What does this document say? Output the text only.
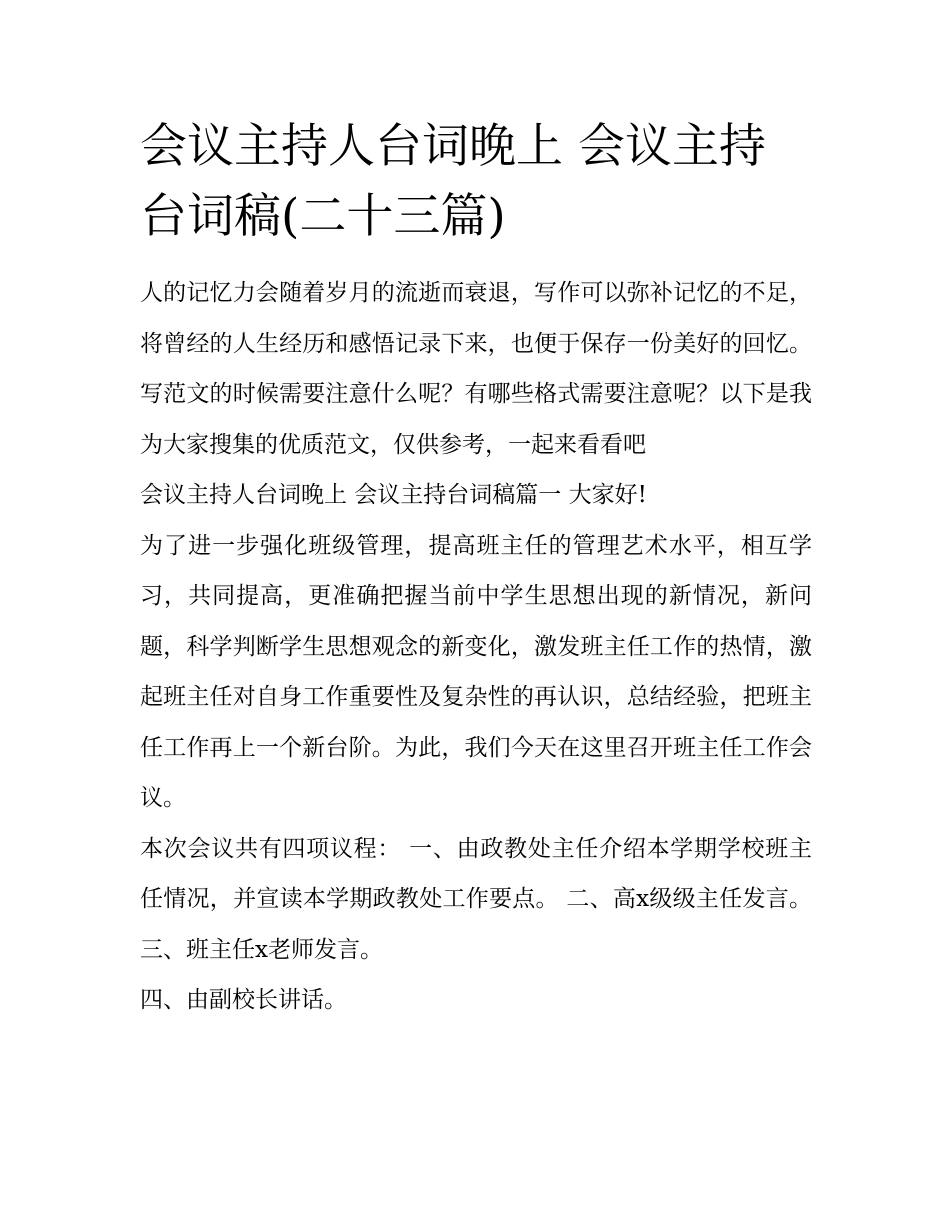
会议主持人台词晚上 会议主持台词稿(二十三篇)

人的记忆力会随着岁月的流逝而衰退，写作可以弥补记忆的不足，将曾经的人生经历和感悟记录下来，也便于保存一份美好的回忆。写范文的时候需要注意什么呢？有哪些格式需要注意呢？以下是我为大家搜集的优质范文，仅供参考，一起来看看吧

会议主持人台词晚上 会议主持台词稿篇一 大家好!

为了进一步强化班级管理，提高班主任的管理艺术水平，相互学习，共同提高，更准确把握当前中学生思想出现的新情况，新问题，科学判断学生思想观念的新变化，激发班主任工作的热情，激起班主任对自身工作重要性及复杂性的再认识，总结经验，把班主任工作再上一个新台阶。为此，我们今天在这里召开班主任工作会议。

本次会议共有四项议程： 一、由政教处主任介绍本学期学校班主任情况，并宣读本学期政教处工作要点。 二、高x级级主任发言。 三、班主任x老师发言。

四、由副校长讲话。
